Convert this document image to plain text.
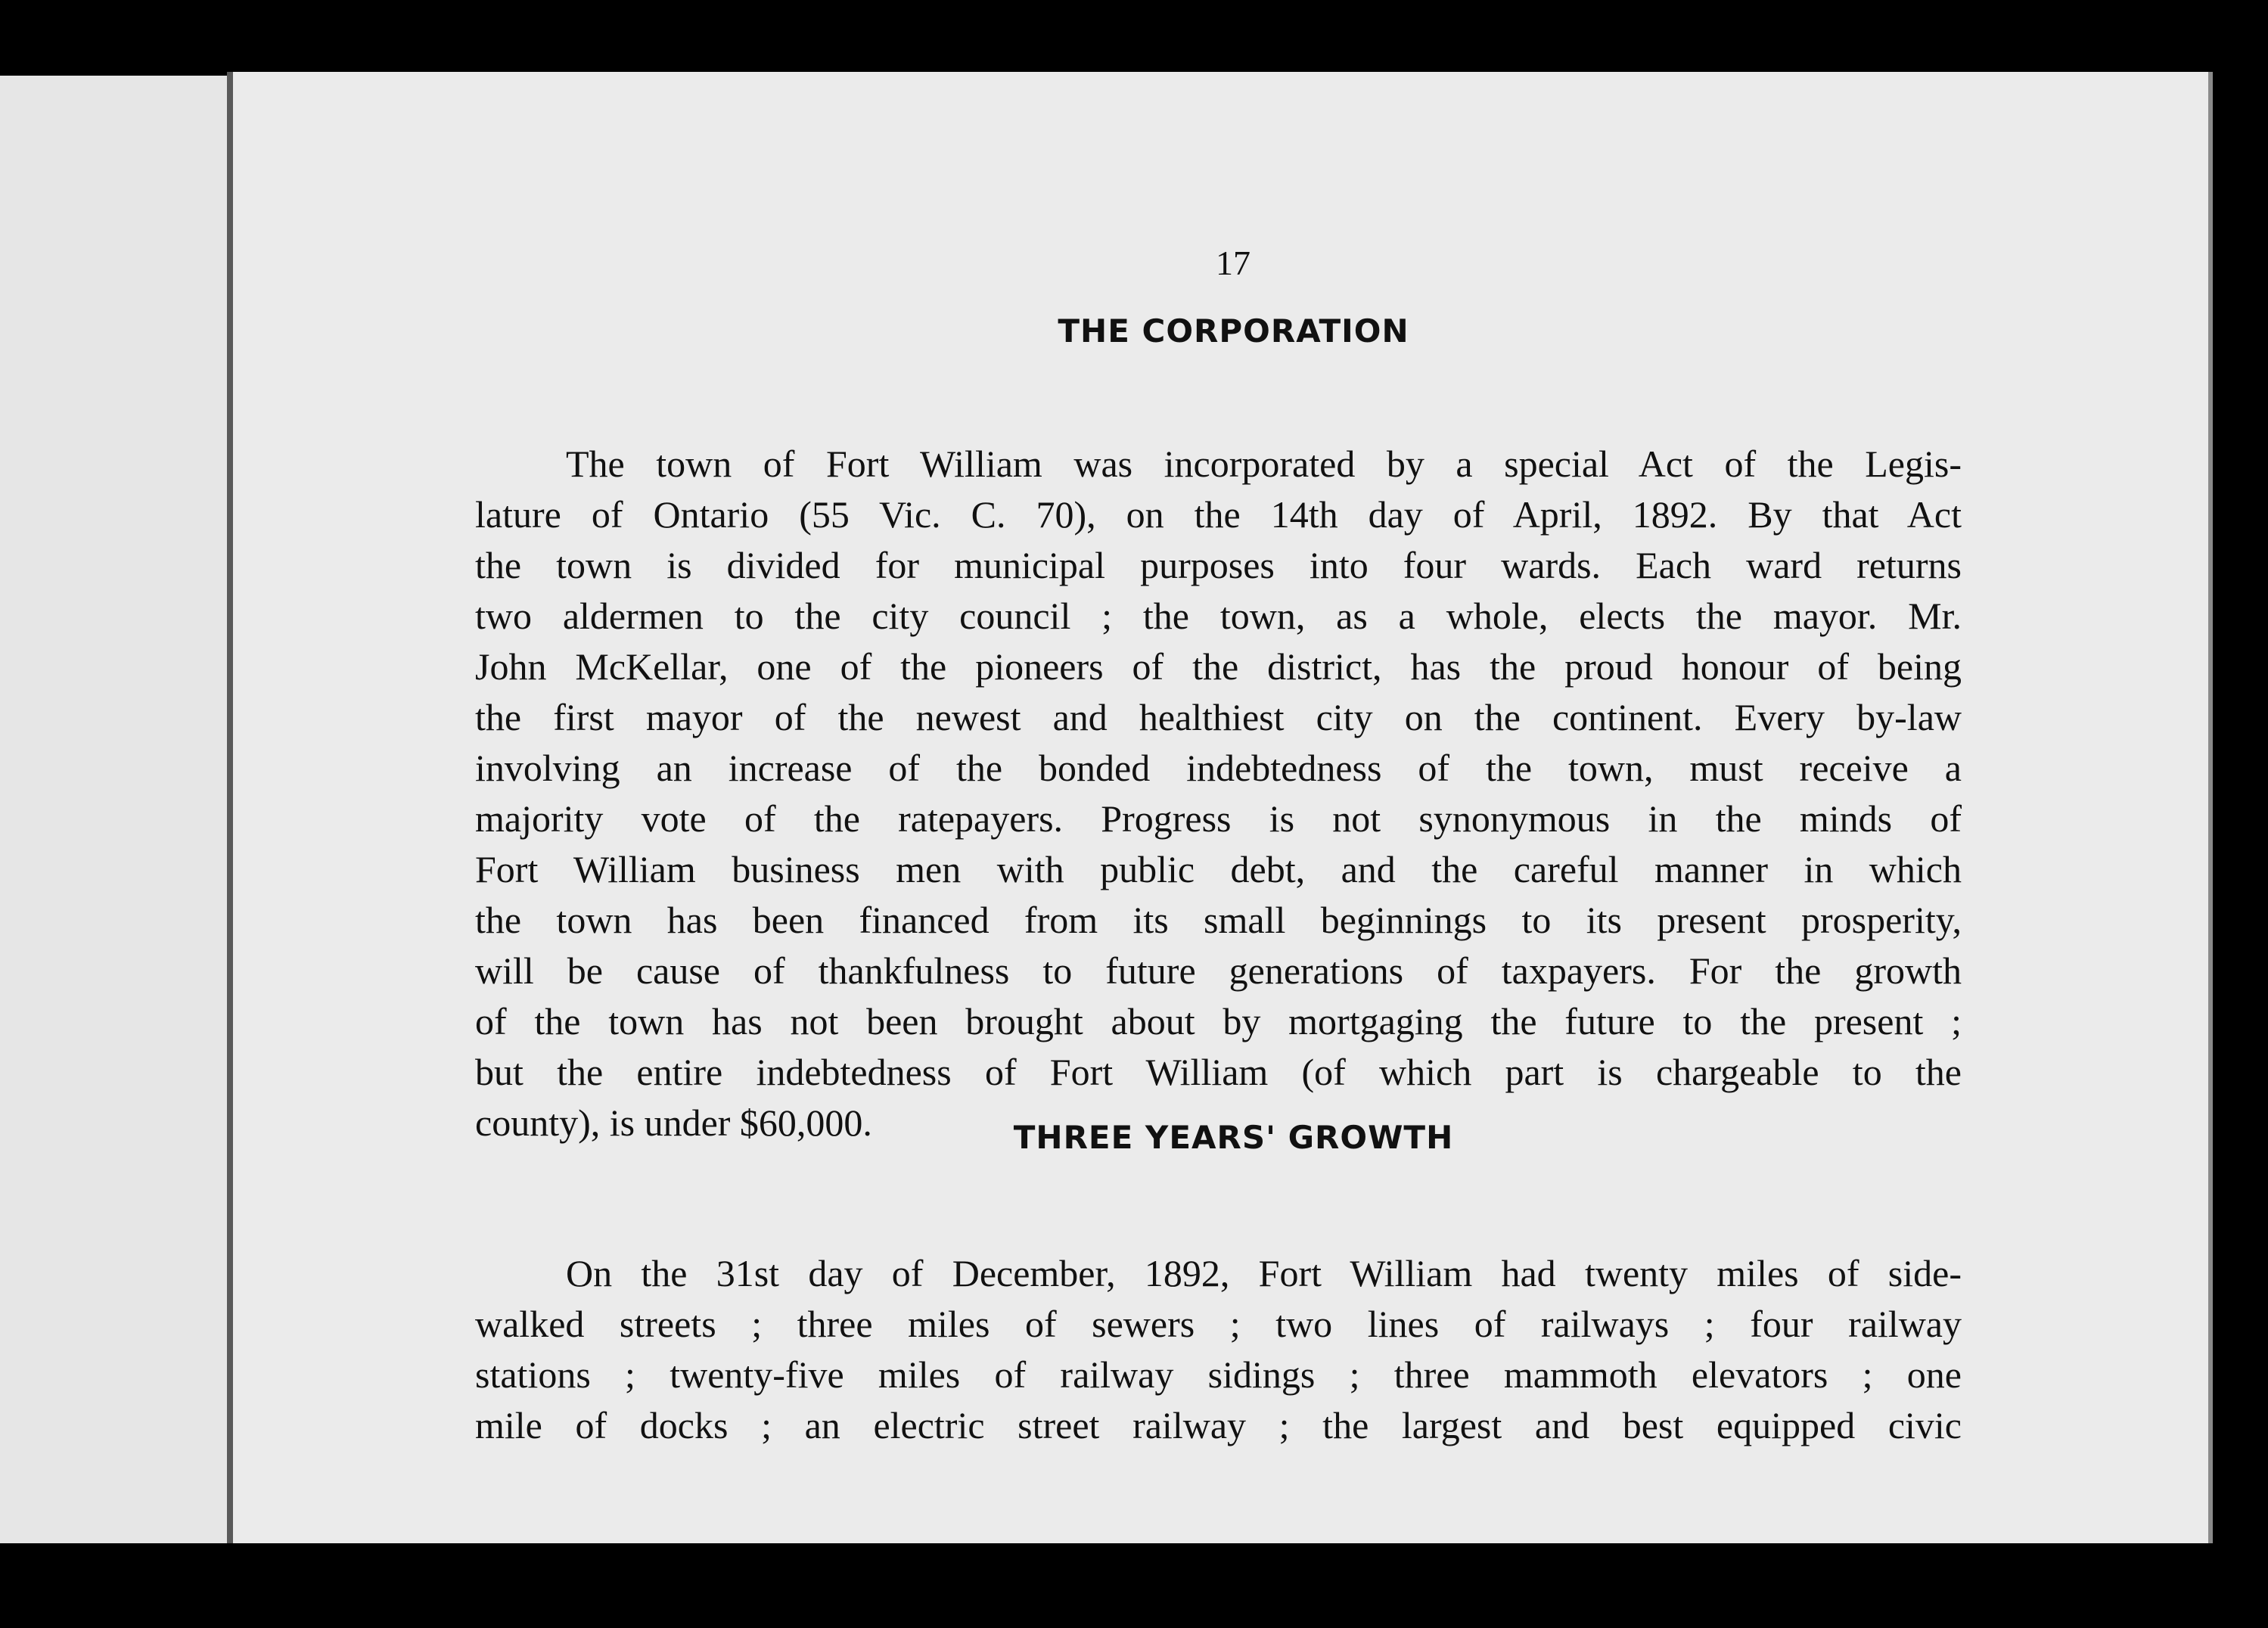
17

THE CORPORATION

The town of Fort William was incorporated by a special Act of the Legis-
lature of Ontario (55 Vic. C. 70), on the 14th day of April, 1892. By that Act
the town is divided for municipal purposes into four wards. Each ward returns
two aldermen to the city council ; the town, as a whole, elects the mayor. Mr.
John McKellar, one of the pioneers of the district, has the proud honour of being
the first mayor of the newest and healthiest city on the continent. Every by-law
involving an increase of the bonded indebtedness of the town, must receive a
majority vote of the ratepayers. Progress is not synonymous in the minds of
Fort William business men with public debt, and the careful manner in which
the town has been financed from its small beginnings to its present prosperity,
will be cause of thankfulness to future generations of taxpayers. For the growth
of the town has not been brought about by mortgaging the future to the present ;
but the entire indebtedness of Fort William (of which part is chargeable to the
county), is under $60,000.	THREE YEARS' GROWTH

On the 31st day of December, 1892, Fort William had twenty miles of side-
walked streets ; three miles of sewers ; two lines of railways ; four railway
stations ; twenty-five miles of railway sidings ; three mammoth elevators ; one
mile of docks ; an electric street railway ; the largest and best equipped civic
